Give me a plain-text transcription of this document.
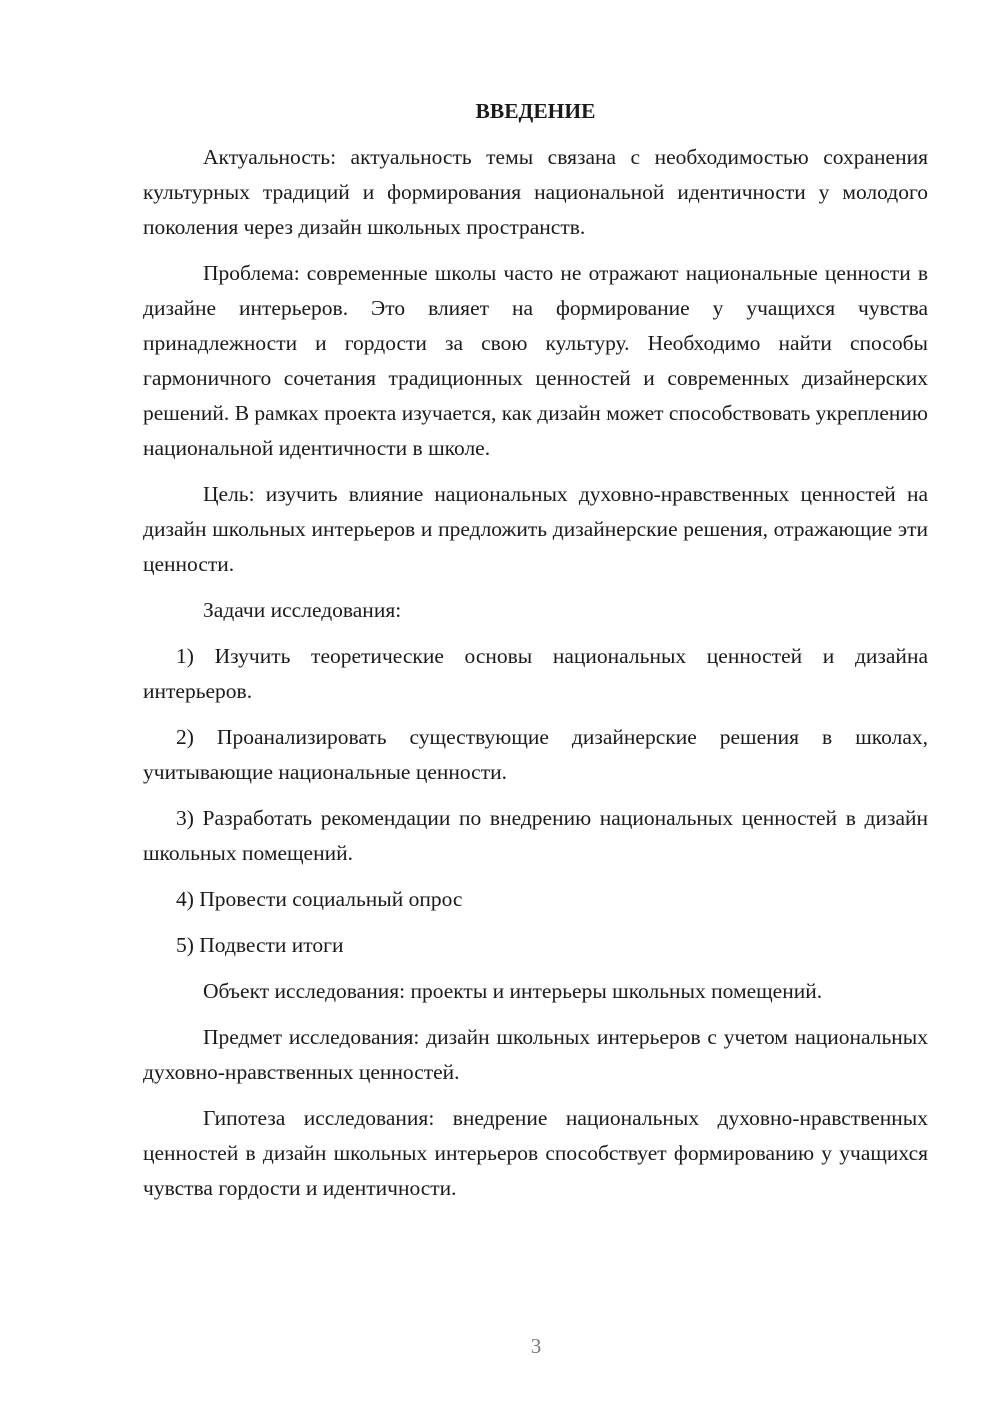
ВВЕДЕНИЕ

Актуальность: актуальность темы связана с необходимостью сохранения культурных традиций и формирования национальной идентичности у молодого поколения через дизайн школьных пространств.

Проблема: современные школы часто не отражают национальные ценности в дизайне интерьеров. Это влияет на формирование у учащихся чувства принадлежности и гордости за свою культуру. Необходимо найти способы гармоничного сочетания традиционных ценностей и современных дизайнерских решений. В рамках проекта изучается, как дизайн может способствовать укреплению национальной идентичности в школе.

Цель: изучить влияние национальных духовно-нравственных ценностей на дизайн школьных интерьеров и предложить дизайнерские решения, отражающие эти ценности.

Задачи исследования:

1) Изучить теоретические основы национальных ценностей и дизайна интерьеров.

2) Проанализировать существующие дизайнерские решения в школах, учитывающие национальные ценности.

3) Разработать рекомендации по внедрению национальных ценностей в дизайн школьных помещений.

4) Провести социальный опрос

5) Подвести итоги

Объект исследования: проекты и интерьеры школьных помещений.

Предмет исследования: дизайн школьных интерьеров с учетом национальных духовно-нравственных ценностей.

Гипотеза исследования: внедрение национальных духовно-нравственных ценностей в дизайн школьных интерьеров способствует формированию у учащихся чувства гордости и идентичности.

3
